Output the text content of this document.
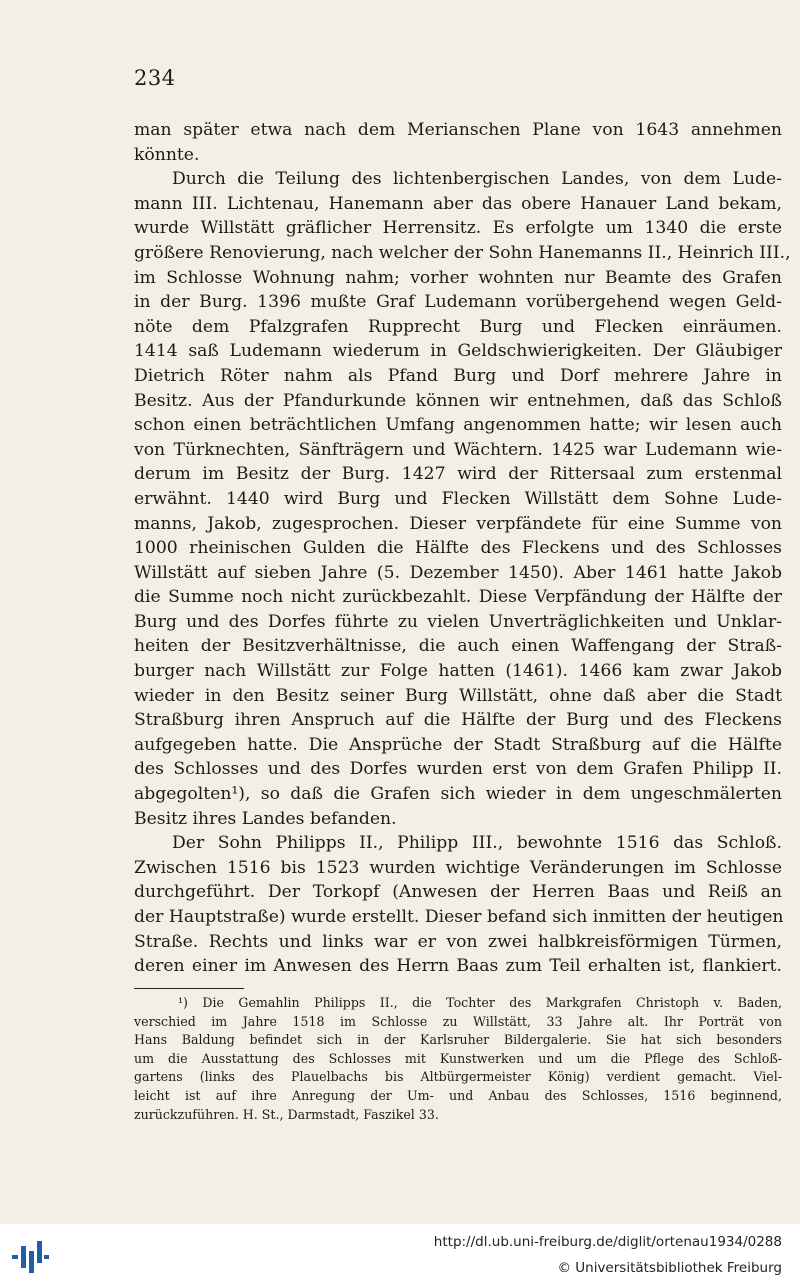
234
man später etwa nach dem Merianschen Plane von 1643 annehmen
könnte.
Durch die Teilung des lichtenbergischen Landes, von dem Lude-
mann III. Lichtenau, Hanemann aber das obere Hanauer Land bekam,
wurde Willstätt gräflicher Herrensitz. Es erfolgte um 1340 die erste
größere Renovierung, nach welcher der Sohn Hanemanns II., Heinrich III.,
im Schlosse Wohnung nahm; vorher wohnten nur Beamte des Grafen
in der Burg. 1396 mußte Graf Ludemann vorübergehend wegen Geld-
nöte dem Pfalzgrafen Rupprecht Burg und Flecken einräumen.
1414 saß Ludemann wiederum in Geldschwierigkeiten. Der Gläubiger
Dietrich Röter nahm als Pfand Burg und Dorf mehrere Jahre in
Besitz. Aus der Pfandurkunde können wir entnehmen, daß das Schloß
schon einen beträchtlichen Umfang angenommen hatte; wir lesen auch
von Türknechten, Sänfträgern und Wächtern. 1425 war Ludemann wie-
derum im Besitz der Burg. 1427 wird der Rittersaal zum erstenmal
erwähnt. 1440 wird Burg und Flecken Willstätt dem Sohne Lude-
manns, Jakob, zugesprochen. Dieser verpfändete für eine Summe von
1000 rheinischen Gulden die Hälfte des Fleckens und des Schlosses
Willstätt auf sieben Jahre (5. Dezember 1450). Aber 1461 hatte Jakob
die Summe noch nicht zurückbezahlt. Diese Verpfändung der Hälfte der
Burg und des Dorfes führte zu vielen Unverträglichkeiten und Unklar-
heiten der Besitzverhältnisse, die auch einen Waffengang der Straß-
burger nach Willstätt zur Folge hatten (1461). 1466 kam zwar Jakob
wieder in den Besitz seiner Burg Willstätt, ohne daß aber die Stadt
Straßburg ihren Anspruch auf die Hälfte der Burg und des Fleckens
aufgegeben hatte. Die Ansprüche der Stadt Straßburg auf die Hälfte
des Schlosses und des Dorfes wurden erst von dem Grafen Philipp II.
abgegolten¹), so daß die Grafen sich wieder in dem ungeschmälerten
Besitz ihres Landes befanden.
Der Sohn Philipps II., Philipp III., bewohnte 1516 das Schloß.
Zwischen 1516 bis 1523 wurden wichtige Veränderungen im Schlosse
durchgeführt. Der Torkopf (Anwesen der Herren Baas und Reiß an
der Hauptstraße) wurde erstellt. Dieser befand sich inmitten der heutigen
Straße. Rechts und links war er von zwei halbkreisförmigen Türmen,
deren einer im Anwesen des Herrn Baas zum Teil erhalten ist, flankiert.
¹) Die Gemahlin Philipps II., die Tochter des Markgrafen Christoph v. Baden,
verschied im Jahre 1518 im Schlosse zu Willstätt, 33 Jahre alt. Ihr Porträt von
Hans Baldung befindet sich in der Karlsruher Bildergalerie. Sie hat sich besonders
um die Ausstattung des Schlosses mit Kunstwerken und um die Pflege des Schloß-
gartens (links des Plauelbachs bis Altbürgermeister König) verdient gemacht. Viel-
leicht ist auf ihre Anregung der Um- und Anbau des Schlosses, 1516 beginnend,
zurückzuführen. H. St., Darmstadt, Faszikel 33.
http://dl.ub.uni-freiburg.de/diglit/ortenau1934/0288
© Universitätsbibliothek Freiburg
